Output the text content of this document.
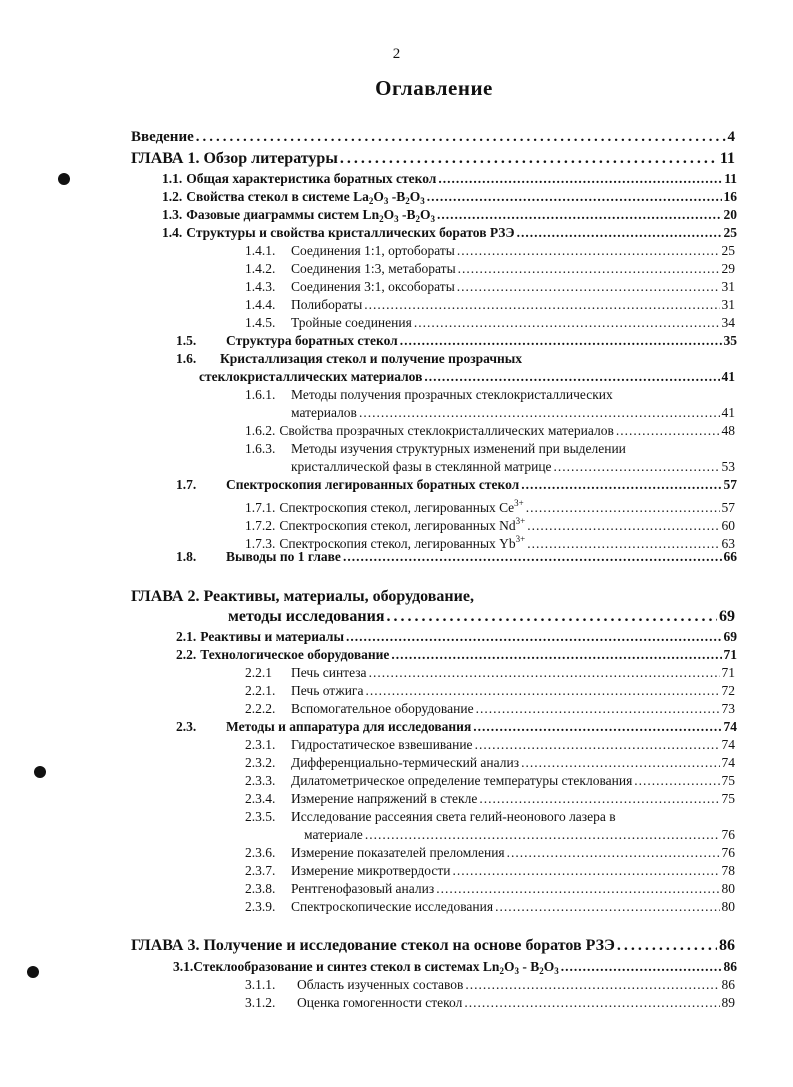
2
Оглавление
Введение .....	4
ГЛАВА 1. Обзор литературы .....	11
1.1. Общая характеристика боратных стекол .....	11
1.2. Свойства стекол в системе $La_2O_3$ $-B_2O_3$ .....	16
1.3. Фазовые диаграммы систем $Ln_2O_3$ $-B_2O_3$ .....	20
1.4. Структуры и свойства кристаллических боратов РЗЭ .....	25
1.4.1.	Соединения 1:1, ортобораты .....	25
1.4.2.	Соединения 1:3, метабораты .....	29
1.4.3.	Соединения 3:1, оксобораты .....	31
1.4.4.	Полибораты .....	31
1.4.5.	Тройные соединения .....	34
1.5.	Структура боратных стекол .....	35
1.6. Кристаллизация стекол и получение прозрачных
стеклокристаллических материалов .....	41
1.6.1. Методы получения прозрачных стеклокристаллических
материалов .....	41
1.6.2. Свойства прозрачных стеклокристаллических материалов .....	48
1.6.3. Методы изучения структурных изменений при выделении
кристаллической фазы в стеклянной матрице .....	53
1.7.	Спектроскопия легированных боратных стекол .....	57
1.7.1. Спектроскопия стекол, легированных $Ce^{3+}$ .....	57
1.7.2. Спектроскопия стекол, легированных $Nd^{3+}$ .....	60
1.7.3. Спектроскопия стекол, легированных $Yb^{3+}$ .....	63
1.8.	Выводы по 1 главе .....	66
ГЛАВА 2. Реактивы, материалы, оборудование,
методы исследования .....	69
2.1. Реактивы и материалы .....	69
2.2. Технологическое оборудование .....	71
2.2.1	Печь синтеза .....	71
2.2.1.	Печь отжига .....	72
2.2.2.	Вспомогательное оборудование .....	73
2.3.	Методы и аппаратура для исследования .....	74
2.3.1.	Гидростатическое взвешивание .....	74
2.3.2.	Дифференциально-термический анализ .....	74
2.3.3.	Дилатометрическое определение температуры стеклования .....	75
2.3.4.	Измерение напряжений в стекле .....	75
2.3.5. Исследование рассеяния света гелий-неонового лазера в
материале .....	76
2.3.6.	Измерение показателей преломления .....	76
2.3.7.	Измерение микротвердости .....	78
2.3.8.	Рентгенофазовый анализ .....	80
2.3.9.	Спектроскопические исследования .....	80
ГЛАВА 3. Получение и исследование стекол на основе боратов РЗЭ .....	86
3.1. Стеклообразование и синтез стекол в системах $Ln_2O_3 - B_2O_3$ .....	86
3.1.1.	Область изученных составов .....	86
3.1.2.	Оценка гомогенности стекол .....	89
